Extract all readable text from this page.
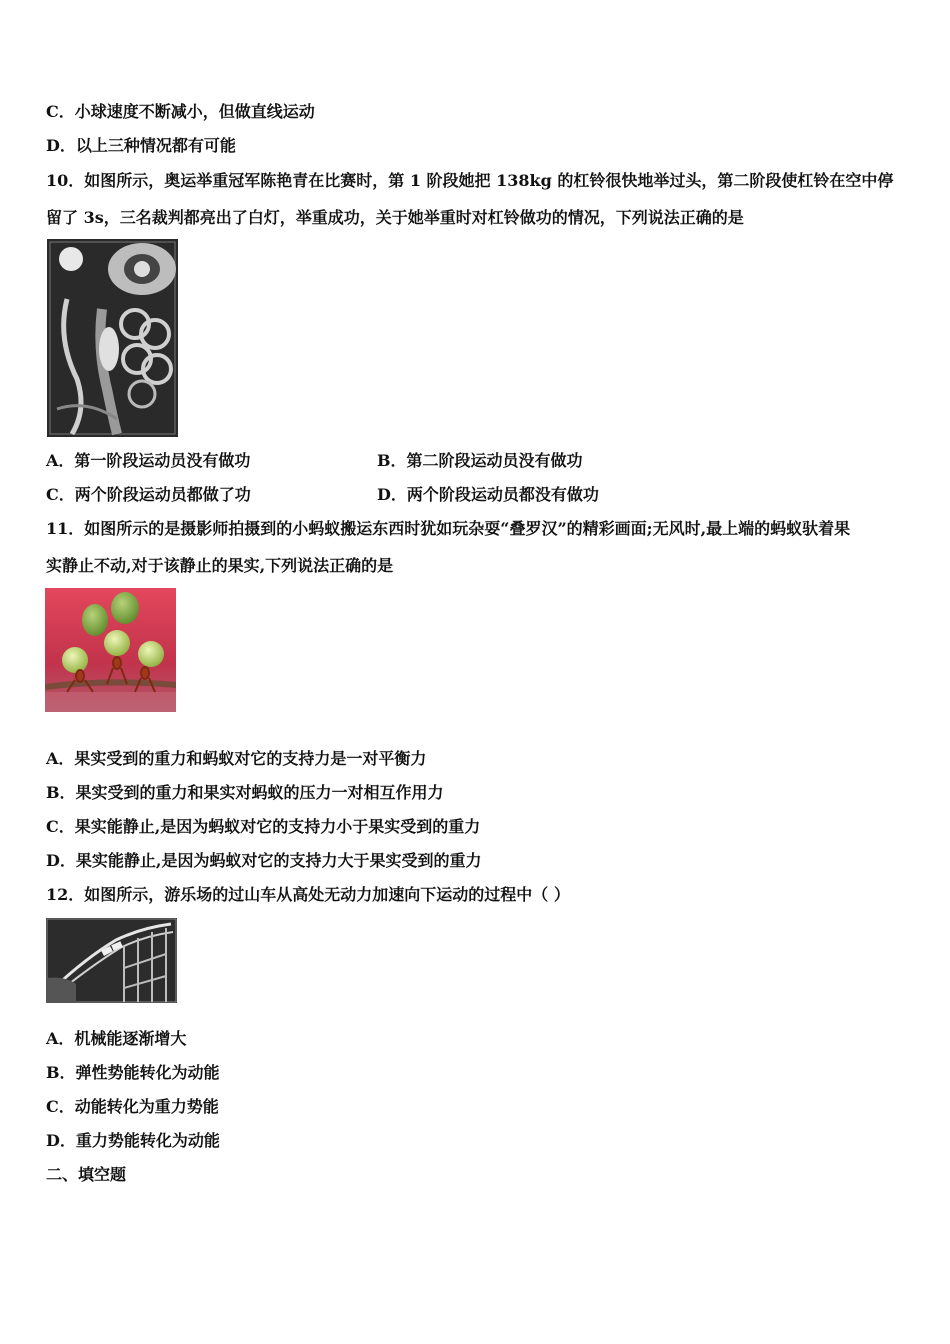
C．小球速度不断减小，但做直线运动
D．以上三种情况都有可能
10．如图所示，奥运举重冠军陈艳青在比赛时，第 1 阶段她把 138kg 的杠铃很快地举过头，第二阶段使杠铃在空中停
留了 3s，三名裁判都亮出了白灯，举重成功，关于她举重时对杠铃做功的情况，下列说法正确的是
A．第一阶段运动员没有做功	B．第二阶段运动员没有做功
C．两个阶段运动员都做了功	D．两个阶段运动员都没有做功
11．如图所示的是摄影师拍摄到的小蚂蚁搬运东西时犹如玩杂耍“叠罗汉”的精彩画面;无风时,最上端的蚂蚁驮着果
实静止不动,对于该静止的果实,下列说法正确的是
A．果实受到的重力和蚂蚁对它的支持力是一对平衡力
B．果实受到的重力和果实对蚂蚁的压力一对相互作用力
C．果实能静止,是因为蚂蚁对它的支持力小于果实受到的重力
D．果实能静止,是因为蚂蚁对它的支持力大于果实受到的重力
12．如图所示，游乐场的过山车从高处无动力加速向下运动的过程中（ ）
A．机械能逐渐增大
B．弹性势能转化为动能
C．动能转化为重力势能
D．重力势能转化为动能
二、填空题
